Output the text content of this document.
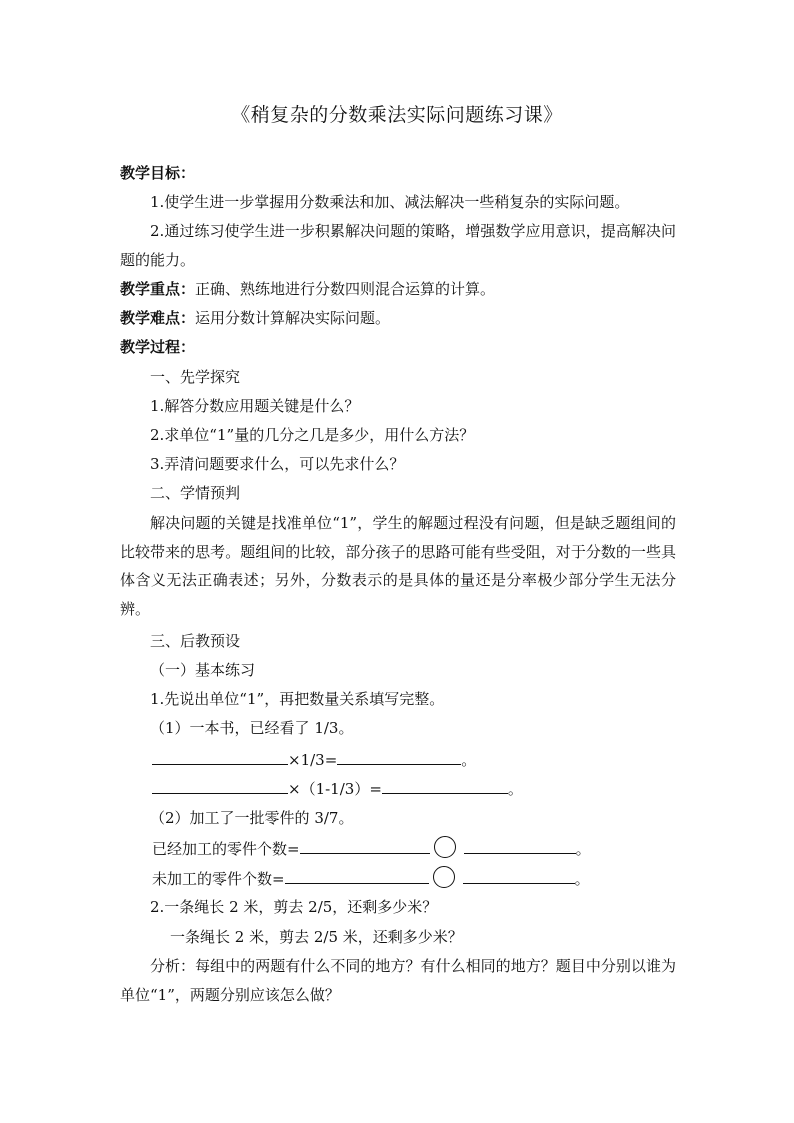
《稍复杂的分数乘法实际问题练习课》
教学目标：
1.使学生进一步掌握用分数乘法和加、减法解决一些稍复杂的实际问题。
2.通过练习使学生进一步积累解决问题的策略，增强数学应用意识，提高解决问题的能力。
教学重点：正确、熟练地进行分数四则混合运算的计算。
教学难点：运用分数计算解决实际问题。
教学过程：
一、先学探究
1.解答分数应用题关键是什么？
2.求单位“1”量的几分之几是多少，用什么方法？
3.弄清问题要求什么，可以先求什么？
二、学情预判
解决问题的关键是找准单位“1”，学生的解题过程没有问题，但是缺乏题组间的比较带来的思考。题组间的比较，部分孩子的思路可能有些受阻，对于分数的一些具体含义无法正确表述；另外，分数表示的是具体的量还是分率极少部分学生无法分辨。
三、后教预设
（一）基本练习
1.先说出单位“1”，再把数量关系填写完整。
（1）一本书，已经看了 1/3。
×1/3=	。
×（1-1/3）=	。
（2）加工了一批零件的 3/7。
已经加工的零件个数=	。
未加工的零件个数=	。
2.一条绳长 2 米，剪去 2/5，还剩多少米？
一条绳长 2 米，剪去 2/5 米，还剩多少米？
分析：每组中的两题有什么不同的地方？有什么相同的地方？题目中分别以谁为单位“1”，两题分别应该怎么做？
